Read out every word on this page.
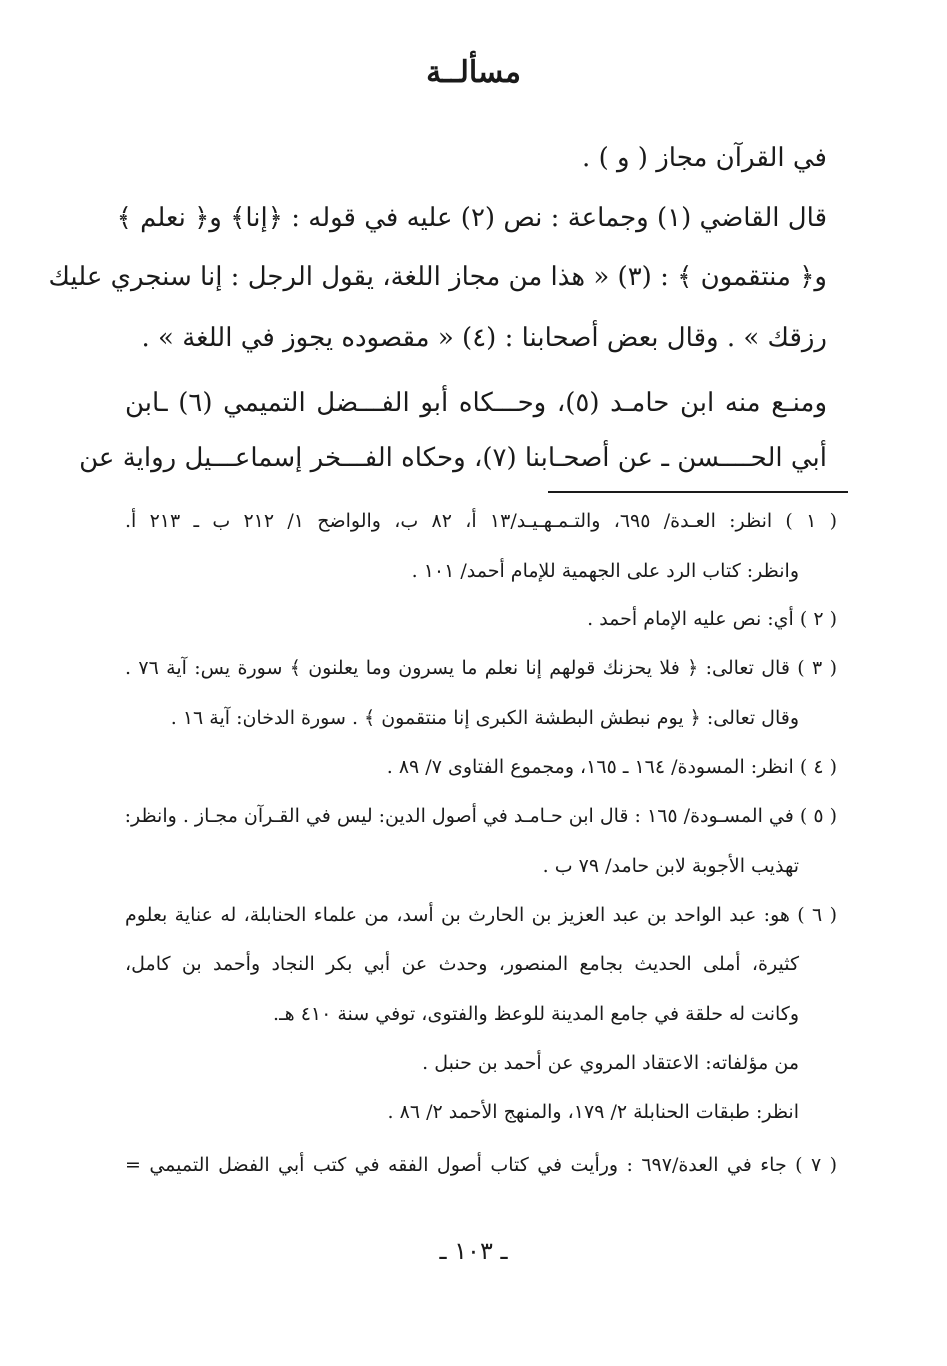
مسألــة
في القرآن مجاز ( و ) .
قال القاضي (١) وجماعة : نص (٢) عليه في قوله : ﴿إنا﴾ و﴿ نعلم ﴾
و﴿ منتقمون ﴾ : (٣) « هذا من مجاز اللغة، يقول الرجل : إنا سنجري عليك
رزقك » . وقال بعض أصحابنا : (٤) « مقصوده يجوز في اللغة » .
ومنـع منه ابن حامـد (٥)، وحـــكاه أبو الفـــضل التميمي (٦) ـابن
أبي الحــــسن ـ عن أصحـابنا (٧)، وحكاه الفـــخر إسماعـــيل رواية عن
( ١ ) انظر: العـدة/ ٦٩٥، والتـمـهـيـد/١٣ أ، ٨٢ ب، والواضح ١/ ٢١٢ ب ـ ٢١٣ أ.
وانظر: كتاب الرد على الجهمية للإمام أحمد/ ١٠١ .
( ٢ ) أي: نص عليه الإمام أحمد .
( ٣ ) قال تعالى: ﴿ فلا يحزنك قولهم إنا نعلم ما يسرون وما يعلنون ﴾ سورة يس: آية ٧٦ .
وقال تعالى: ﴿ يوم نبطش البطشة الكبرى إنا منتقمون ﴾ . سورة الدخان: آية ١٦ .
( ٤ ) انظر: المسودة/ ١٦٤ ـ ١٦٥، ومجموع الفتاوى ٧/ ٨٩ .
( ٥ ) في المسـودة/ ١٦٥ : قال ابن حـامـد في أصول الدين: ليس في القـرآن مجـاز . وانظر:
تهذيب الأجوبة لابن حامد/ ٧٩ ب .
( ٦ ) هو: عبد الواحد بن عبد العزيز بن الحارث بن أسد، من علماء الحنابلة، له عناية بعلوم
كثيرة، أملى الحديث بجامع المنصور، وحدث عن أبي بكر النجاد وأحمد بن كامل،
وكانت له حلقة في جامع المدينة للوعظ والفتوى، توفي سنة ٤١٠ هـ.
من مؤلفاته: الاعتقاد المروي عن أحمد بن حنبل .
انظر: طبقات الحنابلة ٢/ ١٧٩، والمنهج الأحمد ٢/ ٨٦ .
( ٧ ) جاء في العدة/٦٩٧ : ورأيت في كتاب أصول الفقه في كتب أبي الفضل التميمي =
ـ ١٠٣ ـ
